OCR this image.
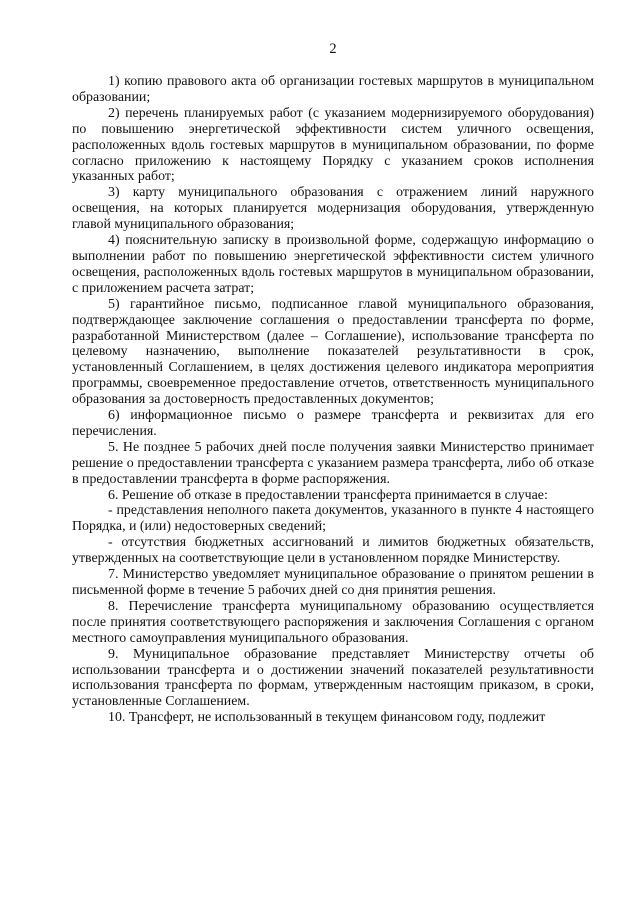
2

1) копию правового акта об организации гостевых маршрутов в муниципальном образовании;

2) перечень планируемых работ (с указанием модернизируемого оборудования) по повышению энергетической эффективности систем уличного освещения, расположенных вдоль гостевых маршрутов в муниципальном образовании, по форме согласно приложению к настоящему Порядку с указанием сроков исполнения указанных работ;

3) карту муниципального образования с отражением линий наружного освещения, на которых планируется модернизация оборудования, утвержденную главой муниципального образования;

4) пояснительную записку в произвольной форме, содержащую информацию о выполнении работ по повышению энергетической эффективности систем уличного освещения, расположенных вдоль гостевых маршрутов в муниципальном образовании, с приложением расчета затрат;

5) гарантийное письмо, подписанное главой муниципального образования, подтверждающее заключение соглашения о предоставлении трансферта по форме, разработанной Министерством (далее – Соглашение), использование трансферта по целевому назначению, выполнение показателей результативности в срок, установленный Соглашением, в целях достижения целевого индикатора мероприятия программы, своевременное предоставление отчетов, ответственность муниципального образования за достоверность предоставленных документов;

6) информационное письмо о размере трансферта и реквизитах для его перечисления.

5. Не позднее 5 рабочих дней после получения заявки Министерство принимает решение о предоставлении трансферта с указанием размера трансферта, либо об отказе в предоставлении трансферта в форме распоряжения.

6. Решение об отказе в предоставлении трансферта принимается в случае:

- представления неполного пакета документов, указанного в пункте 4 настоящего Порядка, и (или) недостоверных сведений;

- отсутствия бюджетных ассигнований и лимитов бюджетных обязательств, утвержденных на соответствующие цели в установленном порядке Министерству.

7. Министерство уведомляет муниципальное образование о принятом решении в письменной форме в течение 5 рабочих дней со дня принятия решения.

8. Перечисление трансферта муниципальному образованию осуществляется после принятия соответствующего распоряжения и заключения Соглашения с органом местного самоуправления муниципального образования.

9. Муниципальное образование представляет Министерству отчеты об использовании трансферта и о достижении значений показателей результативности использования трансферта по формам, утвержденным настоящим приказом, в сроки, установленные Соглашением.

10. Трансферт, не использованный в текущем финансовом году, подлежит
